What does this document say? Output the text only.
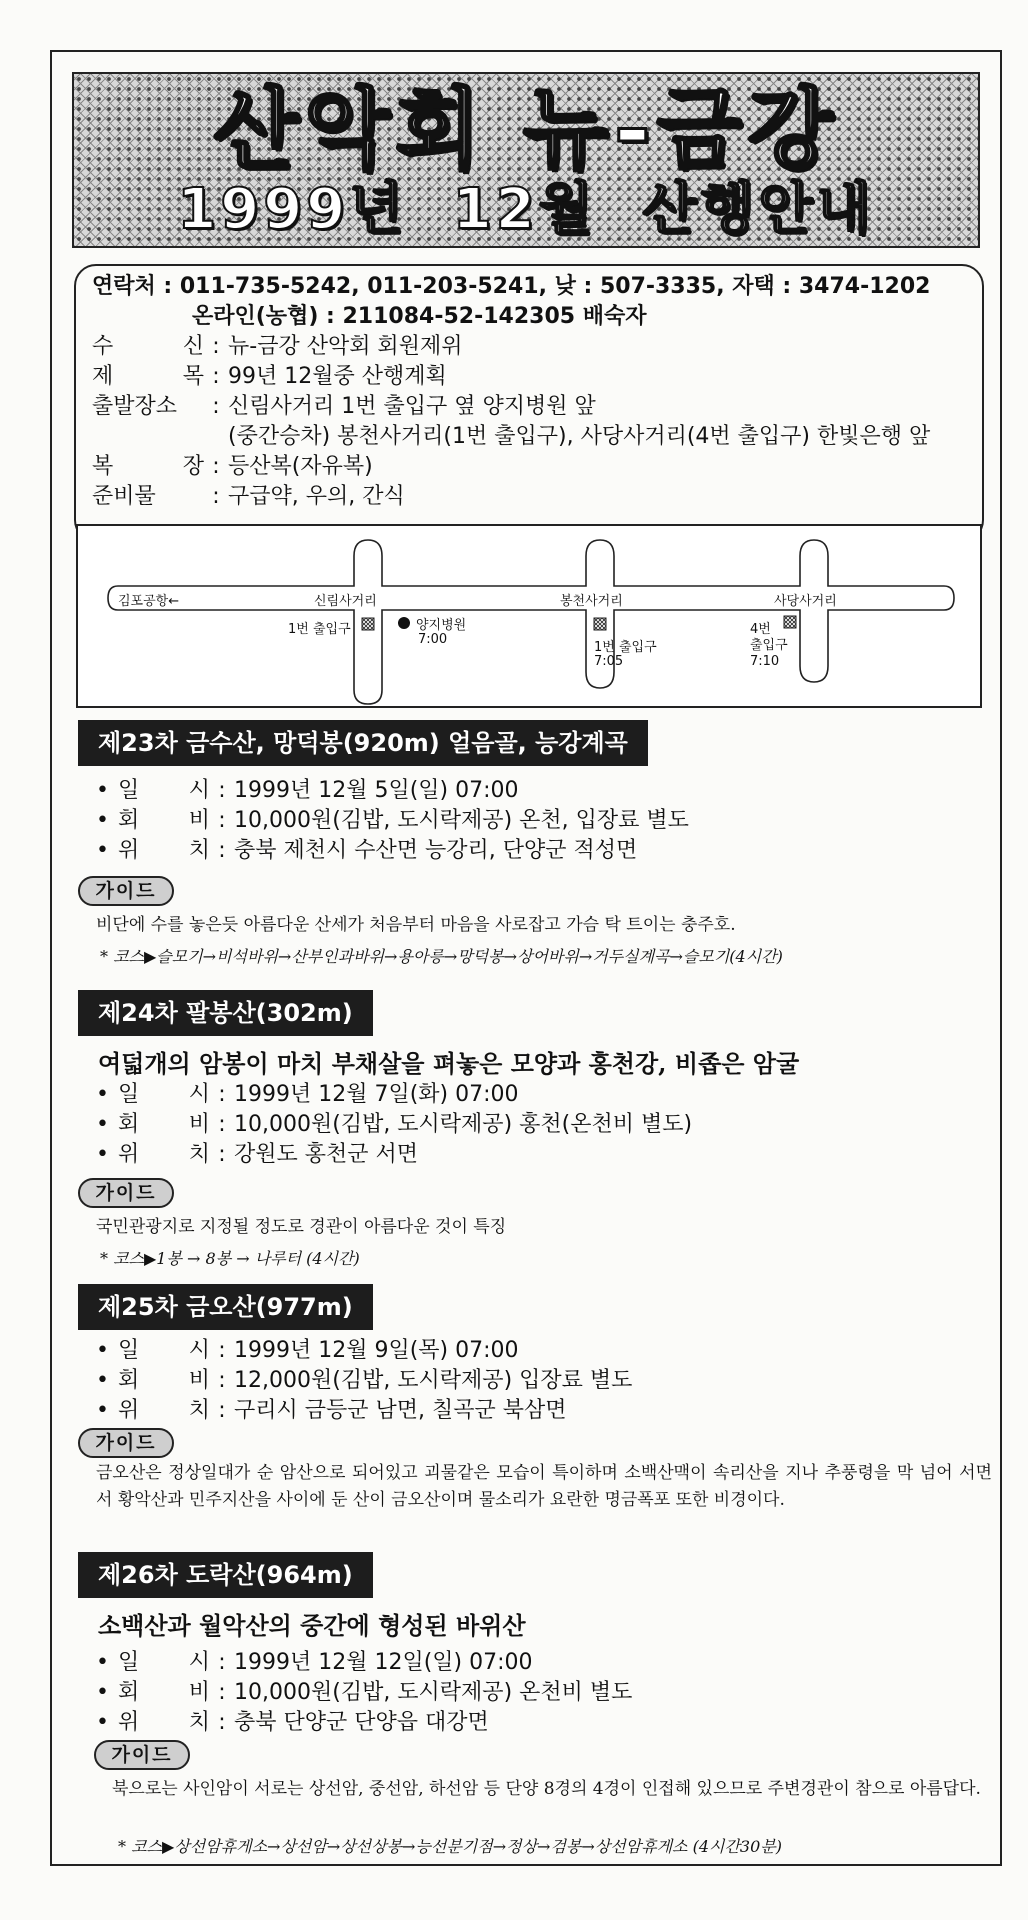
산악회 뉴-금강
1999년 12월 산행안내
연락처 : 011-735-5242, 011-203-5241, 낮 : 507-3335, 자택 : 3474-1202
온라인(농협) : 211084-52-142305 배숙자
수 신 : 뉴-금강 산악회 회원제위
제 목 : 99년 12월중 산행계획
출발장소	: 신림사거리 1번 출입구 옆 양지병원 앞
(중간승차) 봉천사거리(1번 출입구), 사당사거리(4번 출입구) 한빛은행 앞
복 장 : 등산복(자유복)
준비물	: 구급약, 우의, 간식
김포공항←	신림사거리
1번 출입구	양지병원
7:00
봉천사거리
1번 출입구
7:05
사당사거리
4번
출입구
7:10
제23차 금수산, 망덕봉(920m) 얼음골, 능강계곡
• 일 시 : 1999년 12월 5일(일) 07:00
• 회 비 : 10,000원(김밥, 도시락제공) 온천, 입장료 별도
• 위 치 : 충북 제천시 수산면 능강리, 단양군 적성면
가이드
비단에 수를 놓은듯 아름다운 산세가 처음부터 마음을 사로잡고 가슴 탁 트이는 충주호.
* 코스▶슬모기→비석바위→산부인과바위→용아릉→망덕봉→상어바위→거두실계곡→슬모기(4시간)
제24차 팔봉산(302m)
여덟개의 암봉이 마치 부채살을 펴놓은 모양과 홍천강, 비좁은 암굴
• 일 시 : 1999년 12월 7일(화) 07:00
• 회 비 : 10,000원(김밥, 도시락제공) 홍천(온천비 별도)
• 위 치 : 강원도 홍천군 서면
가이드
국민관광지로 지정될 정도로 경관이 아름다운 것이 특징
* 코스▶1봉 → 8봉 → 나루터 (4시간)
제25차 금오산(977m)
• 일 시 : 1999년 12월 9일(목) 07:00
• 회 비 : 12,000원(김밥, 도시락제공) 입장료 별도
• 위 치 : 구리시 금등군 남면, 칠곡군 북삼면
가이드
금오산은 정상일대가 순 암산으로 되어있고 괴물같은 모습이 특이하며 소백산맥이 속리산을 지나 추풍령을 막 넘어 서면서 황악산과 민주지산을 사이에 둔 산이 금오산이며 물소리가 요란한 명금폭포 또한 비경이다.
제26차 도락산(964m)
소백산과 월악산의 중간에 형성된 바위산
• 일 시 : 1999년 12월 12일(일) 07:00
• 회 비 : 10,000원(김밥, 도시락제공) 온천비 별도
• 위 치 : 충북 단양군 단양읍 대강면
가이드
북으로는 사인암이 서로는 상선암, 중선암, 하선암 등 단양 8경의 4경이 인접해 있으므로 주변경관이 참으로 아름답다.
* 코스▶상선암휴게소→상선암→상선상봉→능선분기점→정상→검봉→상선암휴게소 (4시간30분)
